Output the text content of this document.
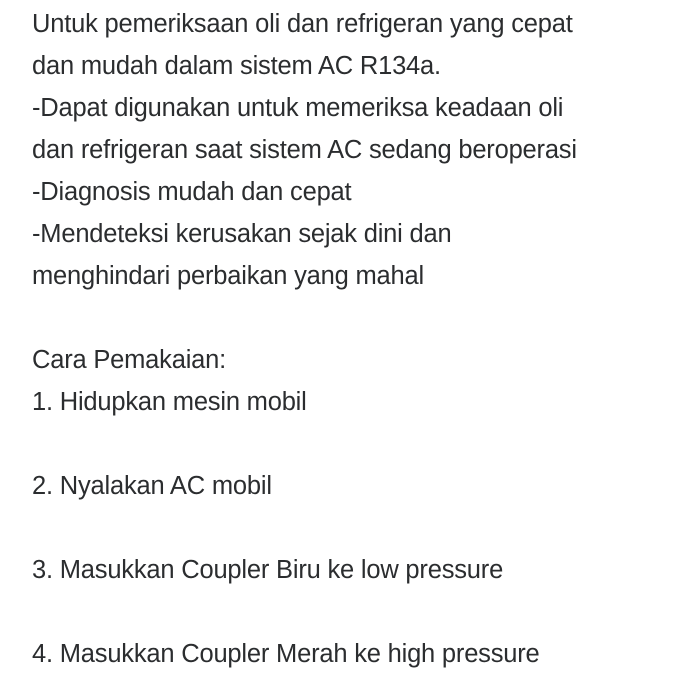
Untuk pemeriksaan oli dan refrigeran yang cepat
dan mudah dalam sistem AC R134a.
-Dapat digunakan untuk memeriksa keadaan oli
dan refrigeran saat sistem AC sedang beroperasi
-Diagnosis mudah dan cepat
-Mendeteksi kerusakan sejak dini dan
menghindari perbaikan yang mahal
Cara Pemakaian:
1. Hidupkan mesin mobil
2. Nyalakan AC mobil
3. Masukkan Coupler Biru ke low pressure
4. Masukkan Coupler Merah ke high pressure
